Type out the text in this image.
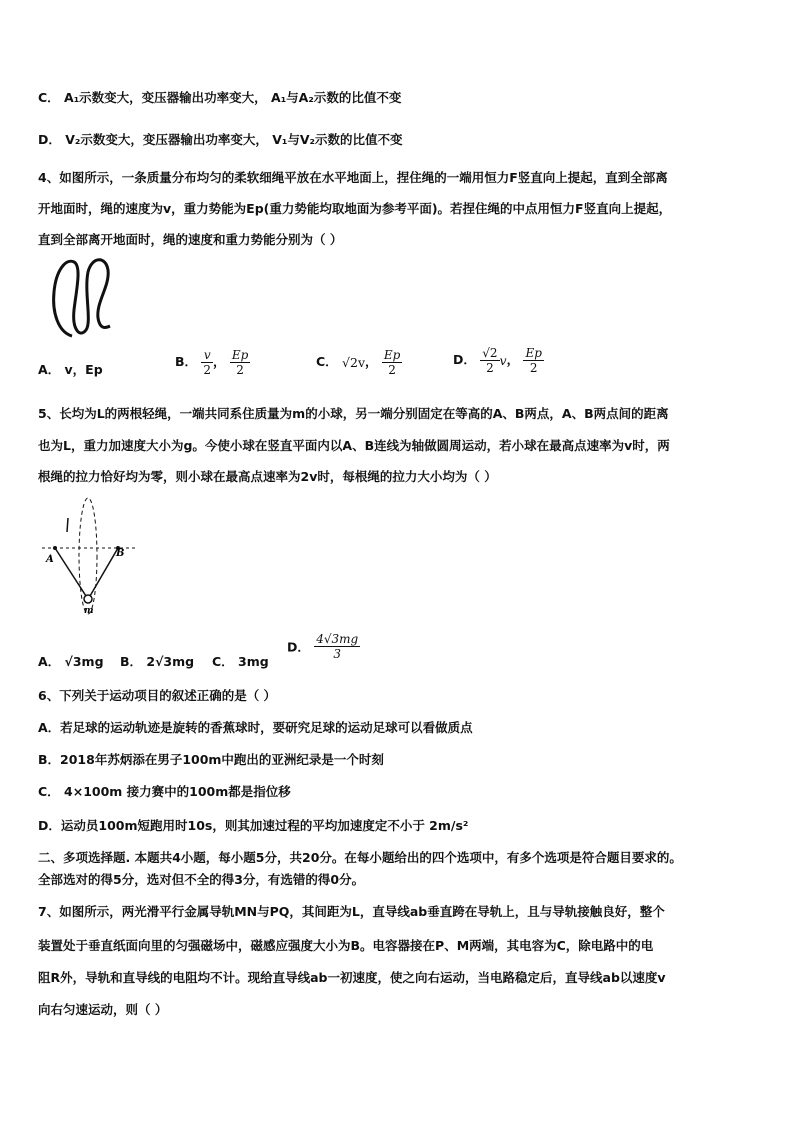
C． A₁示数变大，变压器输出功率变大， A₁与A₂示数的比值不变
D． V₂示数变大，变压器输出功率变大， V₁与V₂示数的比值不变
4、如图所示，一条质量分布均匀的柔软细绳平放在水平地面上，捏住绳的一端用恒力F竖直向上提起，直到全部离
开地面时，绳的速度为v，重力势能为Ep(重力势能均取地面为参考平面)。若捏住绳的中点用恒力F竖直向上提起，
直到全部离开地面时，绳的速度和重力势能分别为（ ）
A． v，Ep
B． $\frac{v}{2}$ ， $\frac{Ep}{2}$	C． √2v， $\frac{Ep}{2}$	D． $\frac{√2}{2}$ v， $\frac{Ep}{2}$
5、长均为L的两根轻绳，一端共同系住质量为m的小球，另一端分别固定在等高的A、B两点，A、B两点间的距离
也为L，重力加速度大小为g。今使小球在竖直平面内以A、B连线为轴做圆周运动，若小球在最高点速率为v时，两
根绳的拉力恰好均为零，则小球在最高点速率为2v时，每根绳的拉力大小均为（ ）
A
B
m
A． √3mg B． 2√3mg C． 3mg
D． $\frac{4√3mg}{3}$
6、下列关于运动项目的叙述正确的是（ ）
A．若足球的运动轨迹是旋转的香蕉球时，要研究足球的运动足球可以看做质点
B．2018年苏炳添在男子100m中跑出的亚洲纪录是一个时刻
C． 4×100m 接力赛中的100m都是指位移
D．运动员100m短跑用时10s，则其加速过程的平均加速度定不小于 2m/s²
二、多项选择题. 本题共4小题，每小题5分，共20分。在每小题给出的四个选项中，有多个选项是符合题目要求的。
全部选对的得5分，选对但不全的得3分，有选错的得0分。
7、如图所示，两光滑平行金属导轨MN与PQ，其间距为L，直导线ab垂直跨在导轨上，且与导轨接触良好，整个
装置处于垂直纸面向里的匀强磁场中，磁感应强度大小为B。电容器接在P、M两端，其电容为C，除电路中的电
阻R外，导轨和直导线的电阻均不计。现给直导线ab一初速度，使之向右运动，当电路稳定后，直导线ab以速度v
向右匀速运动，则（ ）
